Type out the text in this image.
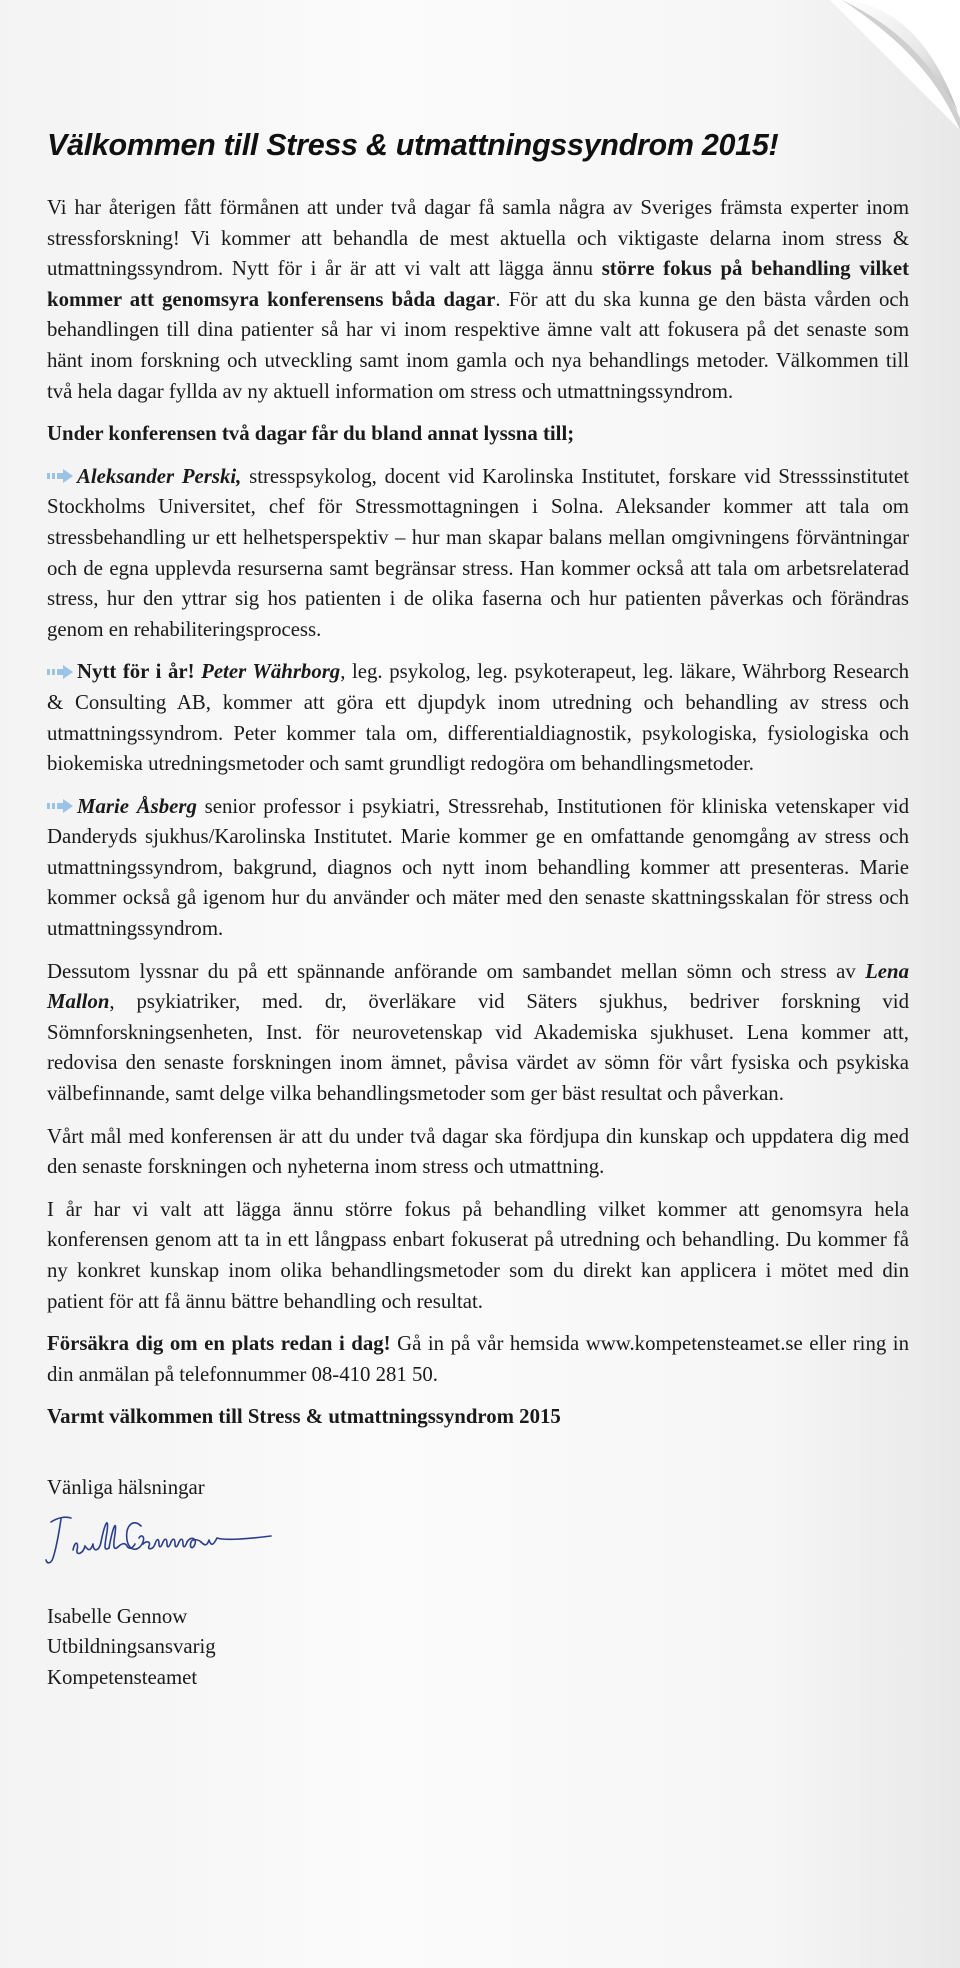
Välkommen till Stress & utmattningssyndrom 2015!

Vi har återigen fått förmånen att under två dagar få samla några av Sveriges främsta experter inom stressforskning! Vi kommer att behandla de mest aktuella och viktigaste delarna inom stress & utmattningssyndrom. Nytt för i år är att vi valt att lägga ännu större fokus på behandling vilket kommer att genomsyra konferensens båda dagar. För att du ska kunna ge den bästa vården och behandlingen till dina patienter så har vi inom respektive ämne valt att fokusera på det senaste som hänt inom forskning och utveckling samt inom gamla och nya behandlings metoder. Välkommen till två hela dagar fyllda av ny aktuell information om stress och utmattningssyndrom.

Under konferensen två dagar får du bland annat lyssna till;

Aleksander Perski, stresspsykolog, docent vid Karolinska Institutet, forskare vid Stresssinstitutet Stockholms Universitet, chef för Stressmottagningen i Solna. Aleksander kommer att tala om stressbehandling ur ett helhetsperspektiv – hur man skapar balans mellan omgivningens förväntningar och de egna upplevda resurserna samt begränsar stress. Han kommer också att tala om arbetsrelaterad stress, hur den yttrar sig hos patienten i de olika faserna och hur patienten påverkas och förändras genom en rehabiliteringsprocess.

Nytt för i år! Peter Währborg, leg. psykolog, leg. psykoterapeut, leg. läkare, Währborg Research & Consulting AB, kommer att göra ett djupdyk inom utredning och behandling av stress och utmattningssyndrom. Peter kommer tala om, differentialdiagnostik, psykologiska, fysiologiska och biokemiska utredningsmetoder och samt grundligt redogöra om behandlingsmetoder.

Marie Åsberg senior professor i psykiatri, Stressrehab, Institutionen för kliniska vetenskaper vid Danderyds sjukhus/Karolinska Institutet. Marie kommer ge en omfattande genomgång av stress och utmattningssyndrom, bakgrund, diagnos och nytt inom behandling kommer att presenteras. Marie kommer också gå igenom hur du använder och mäter med den senaste skattningsskalan för stress och utmattningssyndrom.

Dessutom lyssnar du på ett spännande anförande om sambandet mellan sömn och stress av Lena Mallon, psykiatriker, med. dr, överläkare vid Säters sjukhus, bedriver forskning vid Sömnforskningsenheten, Inst. för neurovetenskap vid Akademiska sjukhuset. Lena kommer att, redovisa den senaste forskningen inom ämnet, påvisa värdet av sömn för vårt fysiska och psykiska välbefinnande, samt delge vilka behandlingsmetoder som ger bäst resultat och påverkan.

Vårt mål med konferensen är att du under två dagar ska fördjupa din kunskap och uppdatera dig med den senaste forskningen och nyheterna inom stress och utmattning.

I år har vi valt att lägga ännu större fokus på behandling vilket kommer att genomsyra hela konferensen genom att ta in ett långpass enbart fokuserat på utredning och behandling. Du kommer få ny konkret kunskap inom olika behandlingsmetoder som du direkt kan applicera i mötet med din patient för att få ännu bättre behandling och resultat.

Försäkra dig om en plats redan i dag! Gå in på vår hemsida www.kompetensteamet.se eller ring in din anmälan på telefonnummer 08-410 281 50.

Varmt välkommen till Stress & utmattningssyndrom 2015

Vänliga hälsningar

Isabelle Gennow

Utbildningsansvarig

Kompetensteamet
